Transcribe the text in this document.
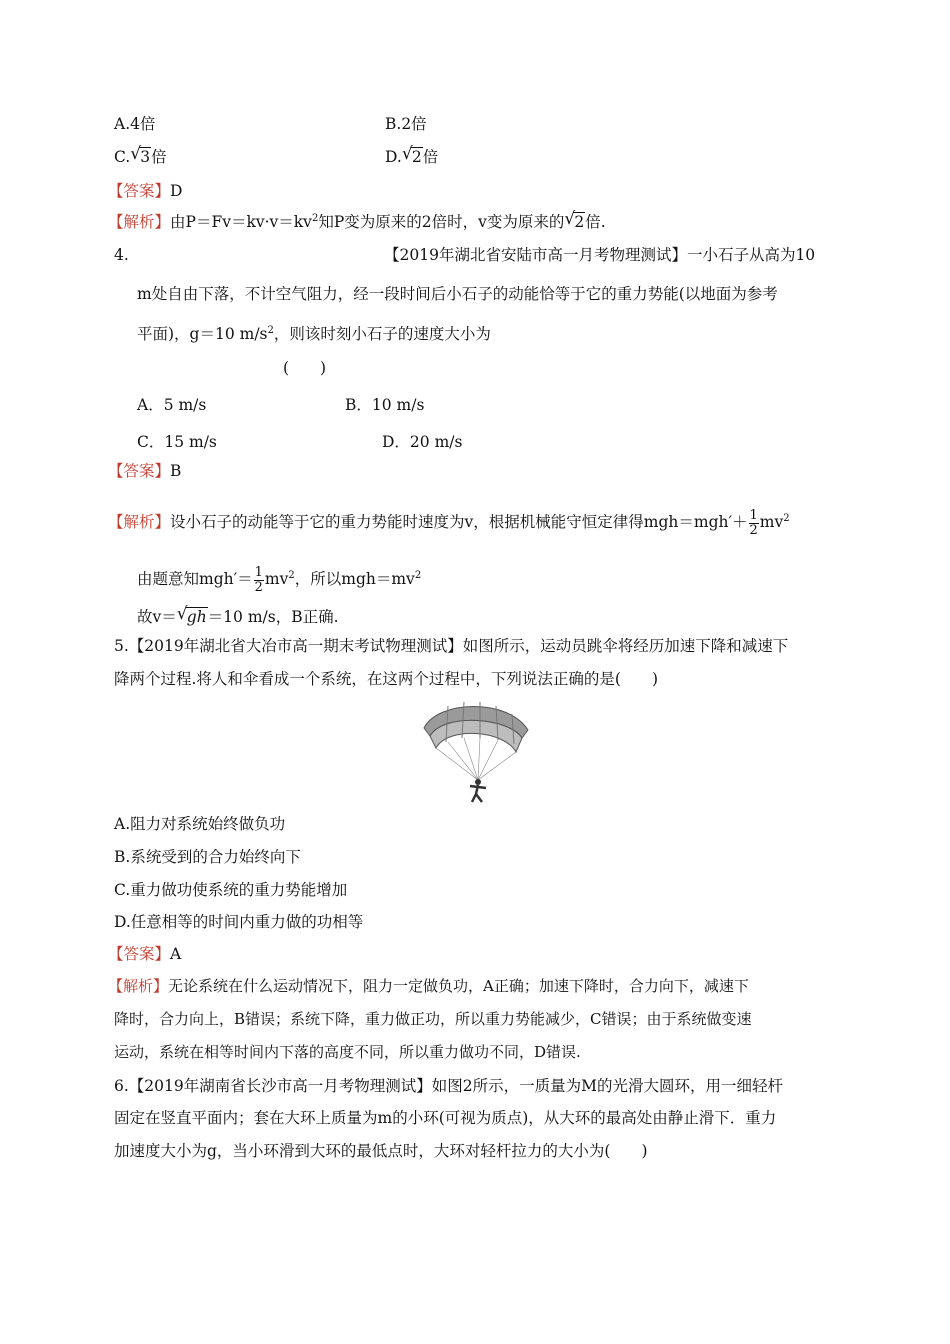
A.4倍	B.2倍
C. √ 3倍	D. √ 2倍
【答案】D
【解析】由$P=Fv=kv\cdot v=kv^2$知P变为原来的2倍时，v变为原来的 √ 2倍.
4.	【2019年湖北省安陆市高一月考物理测试】一小石子从高为10
m处自由下落，不计空气阻力，经一段时间后小石子的动能恰等于它的重力势能(以地面为参考
平面)，g＝10 $m/s^2$，则该时刻小石子的速度大小为
(　　)
A．5 m/s	B．10 m/s
C．15 m/s	D．20 m/s
【答案】B
【解析】设小石子的动能等于它的重力势能时速度为v，根据机械能守恒定律得$mgh=mgh'+ \frac{1}{2} mv^2$
由题意知$mgh'= \frac{1}{2} mv^2$，所以$mgh=mv^2$
故v＝ √ gh＝10 m/s，B正确.
5.【2019年湖北省大冶市高一期末考试物理测试】如图所示，运动员跳伞将经历加速下降和减速下
降两个过程.将人和伞看成一个系统，在这两个过程中，下列说法正确的是(　　)
A.阻力对系统始终做负功
B.系统受到的合力始终向下
C.重力做功使系统的重力势能增加
D.任意相等的时间内重力做的功相等
【答案】A
【解析】无论系统在什么运动情况下，阻力一定做负功，A正确；加速下降时，合力向下，减速下
降时，合力向上，B错误；系统下降，重力做正功，所以重力势能减少，C错误；由于系统做变速
运动，系统在相等时间内下落的高度不同，所以重力做功不同，D错误.
6.【2019年湖南省长沙市高一月考物理测试】如图2所示，一质量为M的光滑大圆环，用一细轻杆
固定在竖直平面内；套在大环上质量为m的小环(可视为质点)，从大环的最高处由静止滑下．重力
加速度大小为g，当小环滑到大环的最低点时，大环对轻杆拉力的大小为(　　)
